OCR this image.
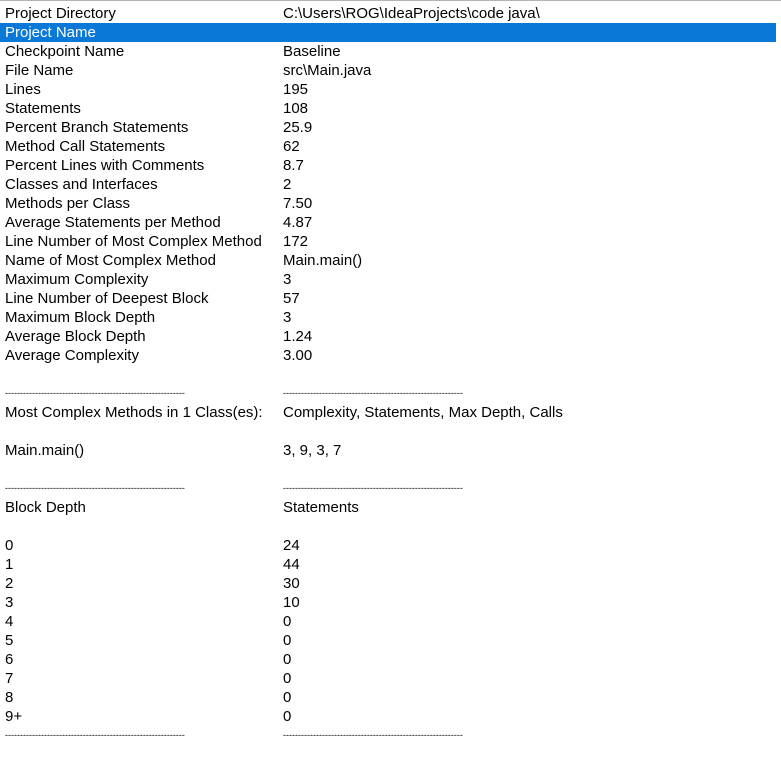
Project Directory	C:\Users\ROG\IdeaProjects\code java\
Project Name
Checkpoint Name	Baseline
File Name	src\Main.java
Lines	195
Statements	108
Percent Branch Statements	25.9
Method Call Statements	62
Percent Lines with Comments	8.7
Classes and Interfaces	2
Methods per Class	7.50
Average Statements per Method	4.87
Line Number of Most Complex Method 172
Name of Most Complex Method	Main.main()
Maximum Complexity	3
Line Number of Deepest Block	57
Maximum Block Depth	3
Average Block Depth	1.24
Average Complexity	3.00
------------------------------------------------------------	------------------------------------------------------------
Most Complex Methods in 1 Class(es): Complexity, Statements, Max Depth, Calls
Main.main()	3, 9, 3, 7
------------------------------------------------------------	------------------------------------------------------------
Block Depth	Statements
0	24
1	44
2	30
3	10
4	0
5	0
6	0
7	0
8	0
9+	0
------------------------------------------------------------	------------------------------------------------------------
